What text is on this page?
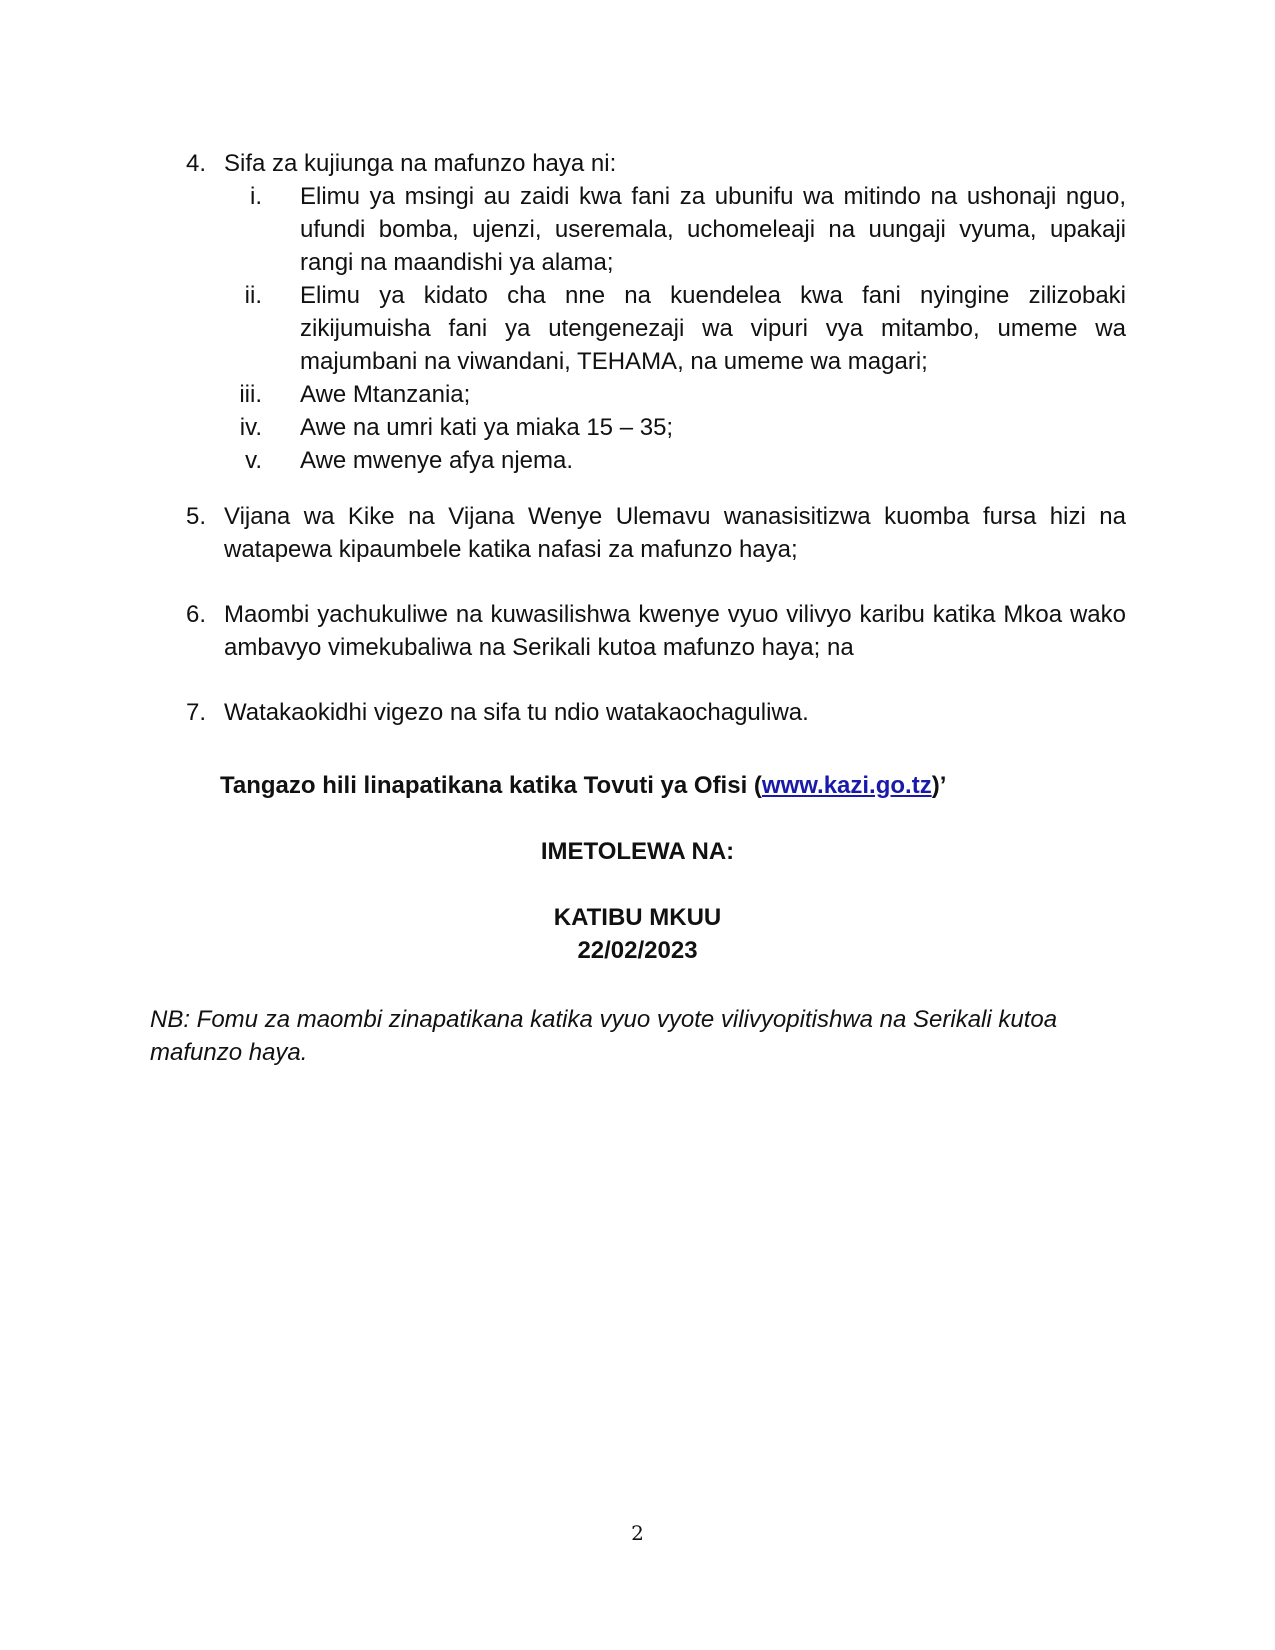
4. Sifa za kujiunga na mafunzo haya ni:
i. Elimu ya msingi au zaidi kwa fani za ubunifu wa mitindo na ushonaji nguo, ufundi bomba, ujenzi, useremala, uchomeleaji na uungaji vyuma, upakaji rangi na maandishi ya alama;
ii. Elimu ya kidato cha nne na kuendelea kwa fani nyingine zilizobaki zikijumuisha fani ya utengenezaji wa vipuri vya mitambo, umeme wa majumbani na viwandani, TEHAMA, na umeme wa magari;
iii. Awe Mtanzania;
iv. Awe na umri kati ya miaka 15 – 35;
v. Awe mwenye afya njema.
5. Vijana wa Kike na Vijana Wenye Ulemavu wanasisitizwa kuomba fursa hizi na watapewa kipaumbele katika nafasi za mafunzo haya;
6. Maombi yachukuliwe na kuwasilishwa kwenye vyuo vilivyo karibu katika Mkoa wako ambavyo vimekubaliwa na Serikali kutoa mafunzo haya; na
7. Watakaokidhi vigezo na sifa tu ndio watakaochaguliwa.
Tangazo hili linapatikana katika Tovuti ya Ofisi (www.kazi.go.tz)’
IMETOLEWA NA:
KATIBU MKUU
22/02/2023
NB: Fomu za maombi zinapatikana katika vyuo vyote vilivyopitishwa na Serikali kutoa mafunzo haya.
2
